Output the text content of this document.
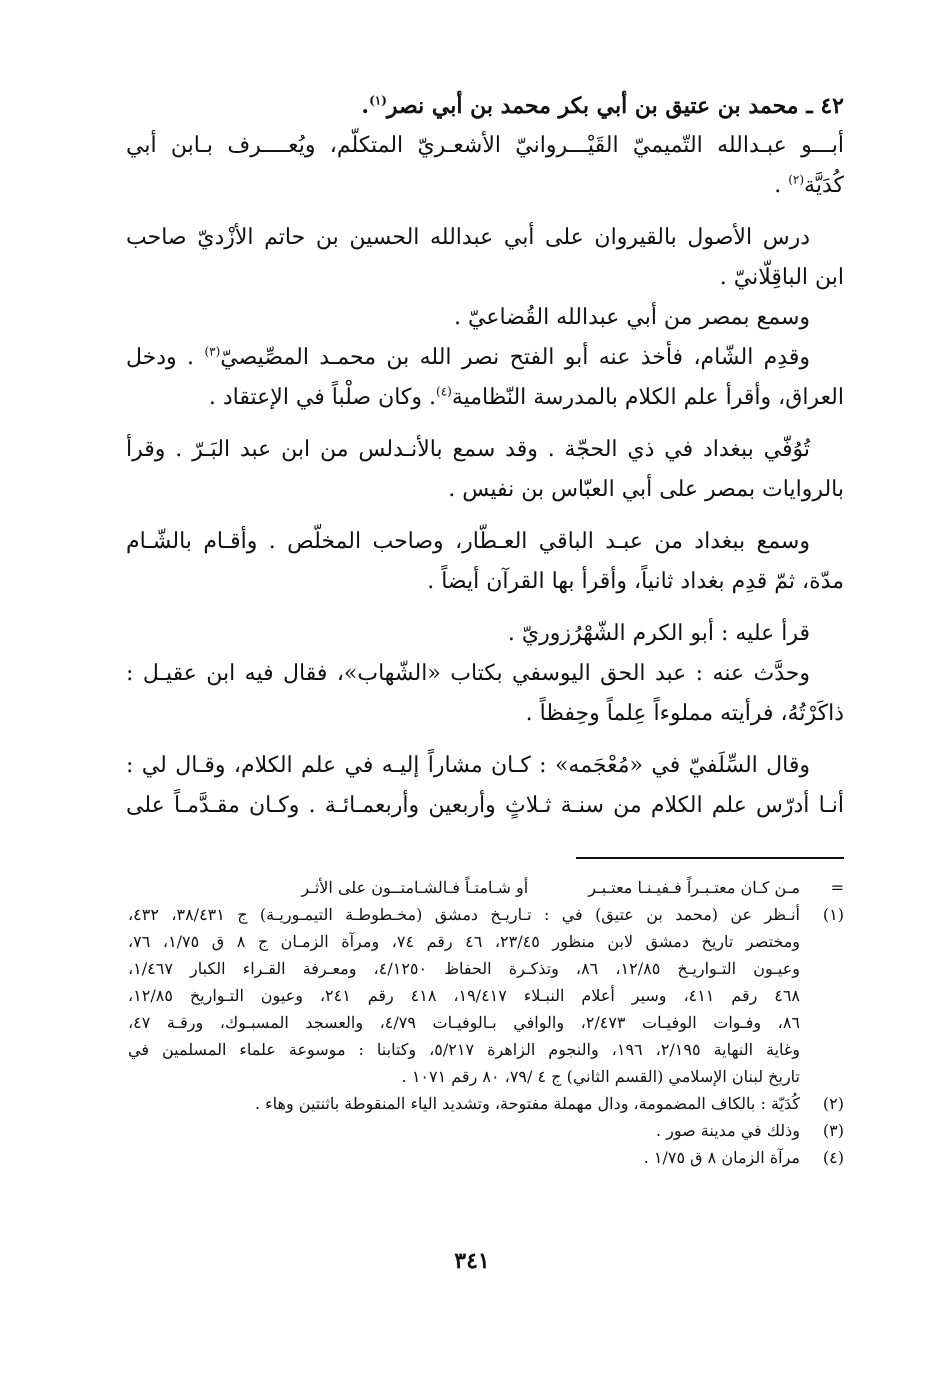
٤٢ ـ محمد بن عتيق بن أبي بكر محمد بن أبي نصر$^{(١)}$.
أبـــو عبـدالله التّميميّ القَيْـــروانيّ الأشعـريّ المتكلّم، ويُعــــرف بـابن أبي
كُدَيَّة$^{(٢)}$ .
درس الأصول بالقيروان على أبي عبدالله الحسين بن حاتم الأزْديّ صاحب
ابن الباقِلّانيّ .
وسمع بمصر من أبي عبدالله القُضاعيّ .
وقدِم الشّام، فأخذ عنه أبو الفتح نصر الله بن محمـد المصِّيصيّ$^{(٣)}$ . ودخل
العراق، وأقرأ علم الكلام بالمدرسة النّظامية$^{(٤)}$. وكان صلْباً في الإعتقاد .
تُوُفّي ببغداد في ذي الحجّة . وقد سمع بالأنـدلس من ابن عبد البَـرّ . وقرأ
بالروايات بمصر على أبي العبّاس بن نفيس .
وسمع ببغداد من عبـد الباقي العـطّار، وصاحب المخلّص . وأقـام بالشّـام
مدّة، ثمّ قدِم بغداد ثانياً، وأقرأ بها القرآن أيضاً .
قرأ عليه : أبو الكرم الشّهْرُزوريّ .
وحدَّث عنه : عبد الحق اليوسفي بكتاب «الشّهاب»، فقال فيه ابن عقيـل :
ذاكَرْتُهُ، فرأيته مملوءاً عِلماً وحِفظاً .
وقال السِّلَفيّ في «مُعْجَمه» : كـان مشاراً إليـه في علم الكلام، وقـال لي :
أنـا أدرّس علم الكلام من سنـة ثـلاثٍ وأربعين وأربعمـائـة . وكـان مقـدَّمـاً على
=
مـن كـان معتـبـراً فـفيـنـا معتـبـر
أو شـامتـاً فـالشـامتــون على الأثـر
(١)
أنـظر عن (محمد بن عتيق) في : تـاريـخ دمشق (مخـطوطـة التيمـوريـة) ج ٣٨/٤٣١، ٤٣٢،
ومختصر تاريخ دمشق لابن منظور ٢٣/٤٥، ٤٦ رقم ٧٤، ومرآة الزمـان ج ٨ ق ١/٧٥، ٧٦،
وعيـون التـواريـخ ١٢/٨٥، ٨٦، وتذكـرة الحفاظ ٤/١٢٥٠، ومعـرفة القـراء الكبار ١/٤٦٧،
٤٦٨ رقم ٤١١، وسير أعلام النبـلاء ١٩/٤١٧، ٤١٨ رقم ٢٤١، وعيون التـواريخ ١٢/٨٥،
٨٦، وفـوات الوفيـات ٢/٤٧٣، والوافي بـالوفيـات ٤/٧٩، والعسجد المسبـوك، ورقـة ٤٧،
وغاية النهاية ٢/١٩٥، ١٩٦، والنجوم الزاهرة ٥/٢١٧، وكتابنا : موسوعة علماء المسلمين في
تاريخ لبنان الإسلامي (القسم الثاني) ج ٤ /٧٩، ٨٠ رقم ١٠٧١ .
(٢)
كُدَيّة : بالكاف المضمومة، ودال مهملة مفتوحة، وتشديد الياء المنقوطة باثنتين وهاء .
(٣)
وذلك في مدينة صور .
(٤)
مرآة الزمان ٨ ق ١/٧٥ .
٣٤١
